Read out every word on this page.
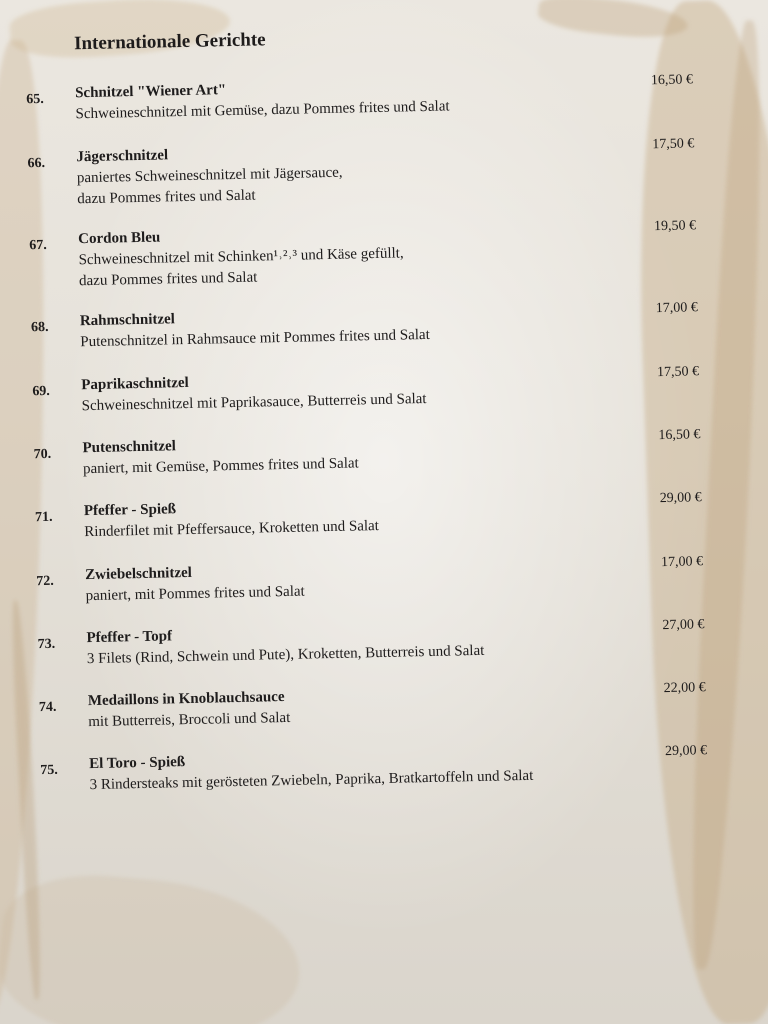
Internationale Gerichte
65. Schnitzel "Wiener Art"
Schweineschnitzel mit Gemüse, dazu Pommes frites und Salat
16,50 €
66. Jägerschnitzel
paniertes Schweineschnitzel mit Jägersauce,
dazu Pommes frites und Salat
17,50 €
67. Cordon Bleu
Schweineschnitzel mit Schinken¹˒²˒³ und Käse gefüllt,
dazu Pommes frites und Salat
19,50 €
68. Rahmschnitzel
Putenschnitzel in Rahmsauce mit Pommes frites und Salat
17,00 €
69. Paprikaschnitzel
Schweineschnitzel mit Paprikasauce, Butterreis und Salat
17,50 €
70. Putenschnitzel
paniert, mit Gemüse, Pommes frites und Salat
16,50 €
71. Pfeffer - Spieß
Rinderfilet mit Pfeffersauce, Kroketten und Salat
29,00 €
72. Zwiebelschnitzel
paniert, mit Pommes frites und Salat
17,00 €
73. Pfeffer - Topf
3 Filets (Rind, Schwein und Pute), Kroketten, Butterreis und Salat
27,00 €
74. Medaillons in Knoblauchsauce
mit Butterreis, Broccoli und Salat
22,00 €
75. El Toro - Spieß
3 Rindersteaks mit gerösteten Zwiebeln, Paprika, Bratkartoffeln und Salat
29,00 €
